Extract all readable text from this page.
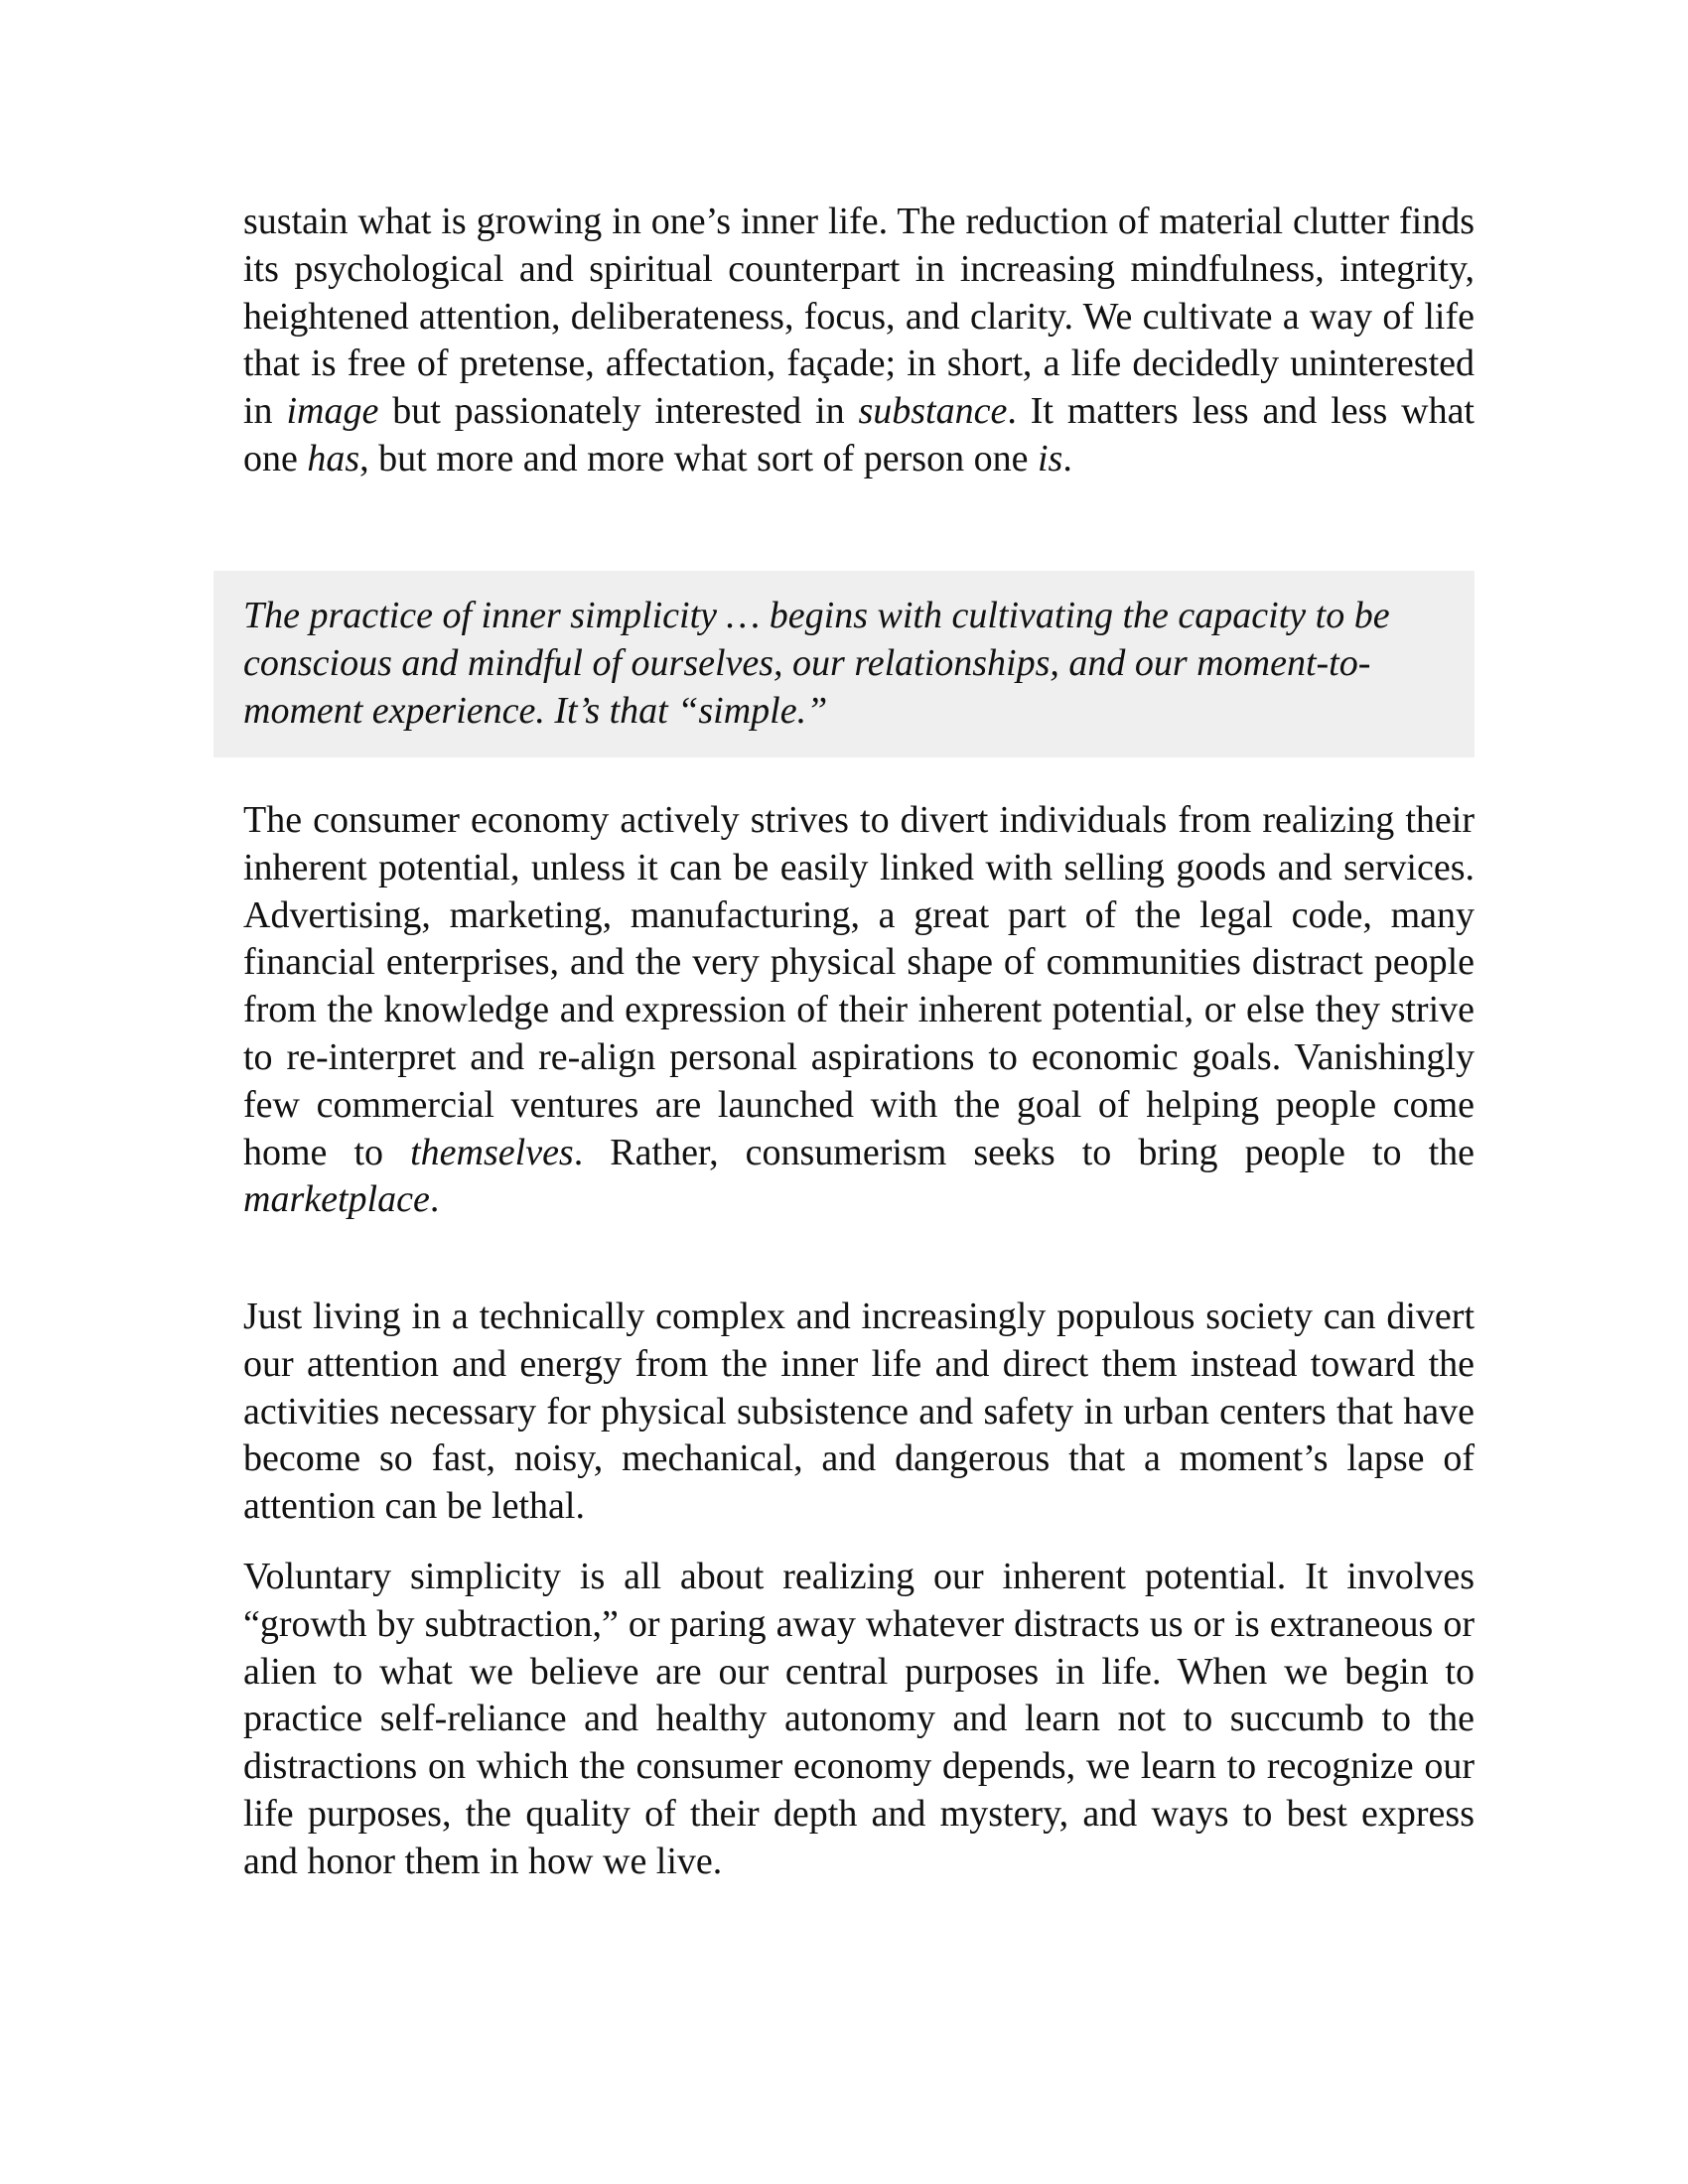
sustain what is growing in one’s inner life. The reduction of material clutter finds its psychological and spiritual counterpart in increasing mindfulness, integrity, heightened attention, deliberateness, focus, and clarity. We cultivate a way of life that is free of pretense, affectation, façade; in short, a life decidedly uninterested in image but passionately interested in substance. It matters less and less what one has, but more and more what sort of person one is.

The practice of inner simplicity … begins with cultivating the capacity to be conscious and mindful of ourselves, our relationships, and our moment-to-moment experience. It’s that “simple.”

The consumer economy actively strives to divert individuals from realizing their inherent potential, unless it can be easily linked with selling goods and services. Advertising, marketing, manufacturing, a great part of the legal code, many financial enterprises, and the very physical shape of communities distract people from the knowledge and expression of their inherent potential, or else they strive to re-interpret and re-align personal aspirations to economic goals. Vanishingly few commercial ventures are launched with the goal of helping people come home to themselves. Rather, consumerism seeks to bring people to the marketplace.

Just living in a technically complex and increasingly populous society can divert our attention and energy from the inner life and direct them instead toward the activities necessary for physical subsistence and safety in urban centers that have become so fast, noisy, mechanical, and dangerous that a moment’s lapse of attention can be lethal.

Voluntary simplicity is all about realizing our inherent potential. It involves “growth by subtraction,” or paring away whatever distracts us or is extraneous or alien to what we believe are our central purposes in life. When we begin to practice self-reliance and healthy autonomy and learn not to succumb to the distractions on which the consumer economy depends, we learn to recognize our life purposes, the quality of their depth and mystery, and ways to best express and honor them in how we live.
